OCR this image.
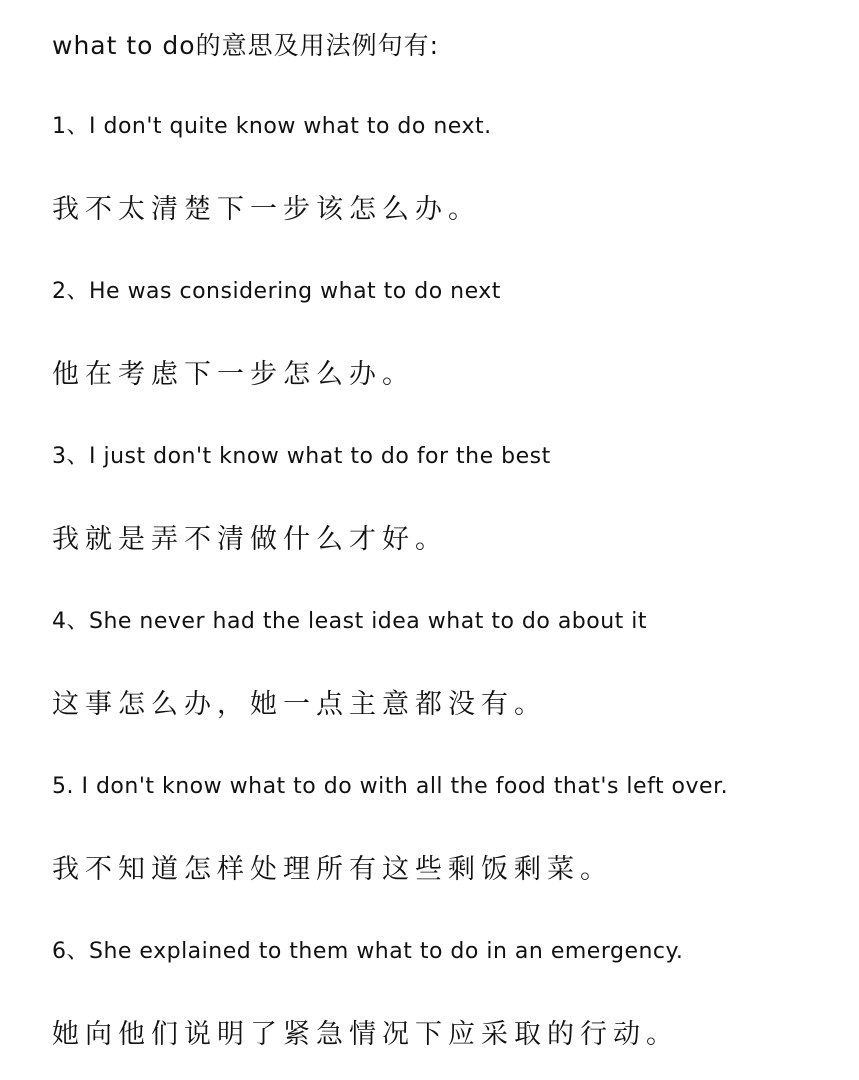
what to do的意思及用法例句有:
1、I don't quite know what to do next.
我不太清楚下一步该怎么办。
2、He was considering what to do next
他在考虑下一步怎么办。
3、I just don't know what to do for the best
我就是弄不清做什么才好。
4、She never had the least idea what to do about it
这事怎么办，她一点主意都没有。
5. I don't know what to do with all the food that's left over.
我不知道怎样处理所有这些剩饭剩菜。
6、She explained to them what to do in an emergency.
她向他们说明了紧急情况下应采取的行动。
